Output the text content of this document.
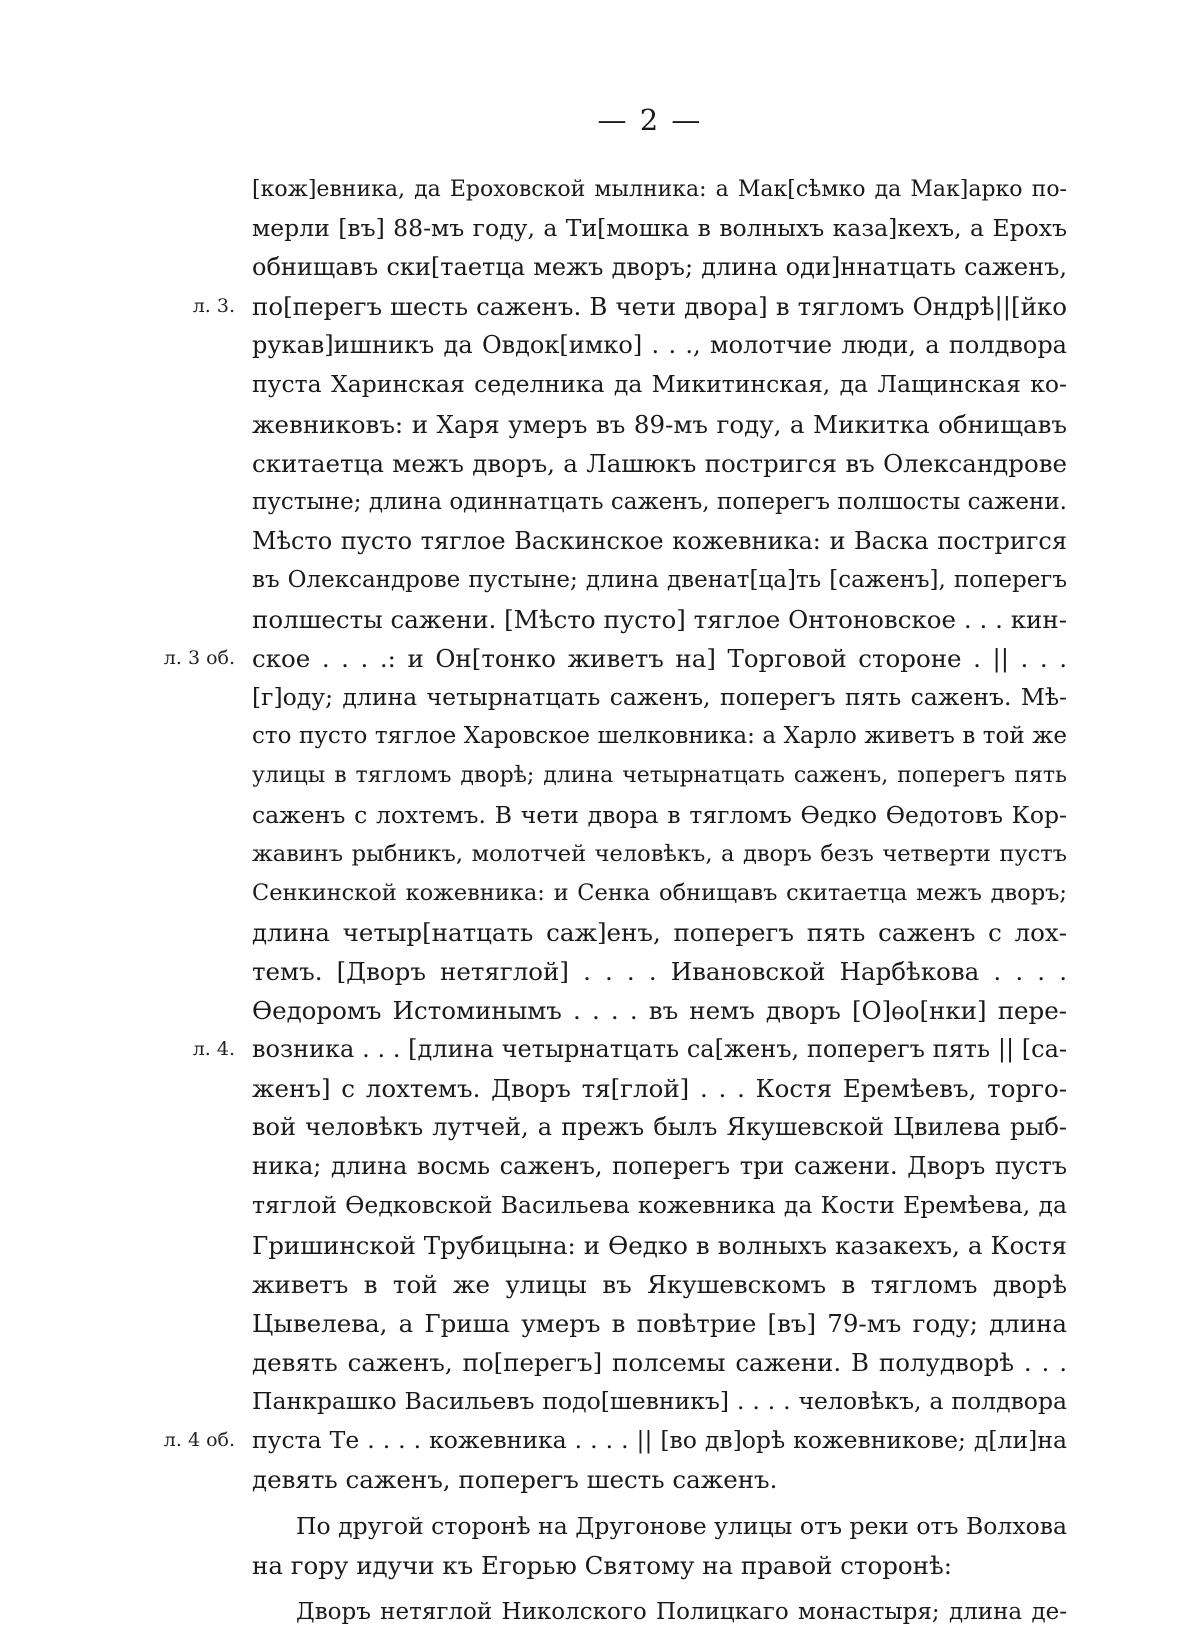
— 2 —
[кож]евника, да Ероховской мылника: а Мак[сѣмко да Мак]арко по-
мерли [въ] 88-мъ году, а Ти[мошка в волныхъ каза]кехъ, а Ерохъ
обнищавъ ски[таетца межъ дворъ; длина оди]ннатцать саженъ,
л. 3. по[перегъ шесть саженъ. В чети двора] в тягломъ Ондрѣ||[йко
рукав]ишникъ да Овдок[имко] . . ., молотчие люди, а полдвора
пуста Харинская седелника да Микитинская, да Лащинская ко-
жевниковъ: и Харя умеръ въ 89-мъ году, а Микитка обнищавъ
скитаетца межъ дворъ, а Лашюкъ постригся въ Олександрове
пустыне; длина одиннатцать саженъ, поперегъ полшосты сажени.
Мѣсто пусто тяглое Васкинское кожевника: и Васка постригся
въ Олександрове пустыне; длина двенат[ца]ть [саженъ], поперегъ
полшесты сажени. [Мѣсто пусто] тяглое Онтоновское . . . кин-
л. 3 об. ское . . . .: и Он[тонко живетъ на] Торговой стороне . || . . .
[г]оду; длина четырнатцать саженъ, поперегъ пять саженъ. Мѣ-
сто пусто тяглое Харовское шелковника: а Харло живетъ в той же
улицы в тягломъ дворѣ; длина четырнатцать саженъ, поперегъ пять
саженъ с лохтемъ. В чети двора в тягломъ Ѳедко Ѳедотовъ Кор-
жавинъ рыбникъ, молотчей человѣкъ, а дворъ безъ четверти пустъ
Сенкинской кожевника: и Сенка обнищавъ скитаетца межъ дворъ;
длина четыр[натцать саж]енъ, поперегъ пять саженъ с лох-
темъ. [Дворъ нетяглой] . . . . Ивановской Нарбѣкова . . . .
Ѳедоромъ Истоминымъ . . . . въ немъ дворъ [О]ѳо[нки] пере-
л. 4. возника . . . [длина четырнатцать са[женъ, поперегъ пять || [са-
женъ] с лохтемъ. Дворъ тя[глой] . . . Костя Еремѣевъ, торго-
вой человѣкъ лутчей, а прежъ былъ Якушевской Цвилева рыб-
ника; длина восмь саженъ, поперегъ три сажени. Дворъ пустъ
тяглой Ѳедковской Васильева кожевника да Кости Еремѣева, да
Гришинской Трубицына: и Ѳедко в волныхъ казакехъ, а Костя
живетъ в той же улицы въ Якушевскомъ в тягломъ дворѣ
Цывелева, а Гриша умеръ в повѣтрие [въ] 79-мъ году; длина
девять саженъ, по[перегъ] полсемы сажени. В полудворѣ . . .
Панкрашко Васильевъ подо[шевникъ] . . . . человѣкъ, а полдвора
л. 4 об. пуста Те . . . . кожевника . . . . || [во дв]орѣ кожевникове; д[ли]на
девять саженъ, поперегъ шесть саженъ.
По другой сторонѣ на Другонове улицы отъ реки отъ Волхова
на гору идучи къ Егорью Святому на правой сторонѣ:
Дворъ нетяглой Николского Полицкаго монастыря; длина де-
